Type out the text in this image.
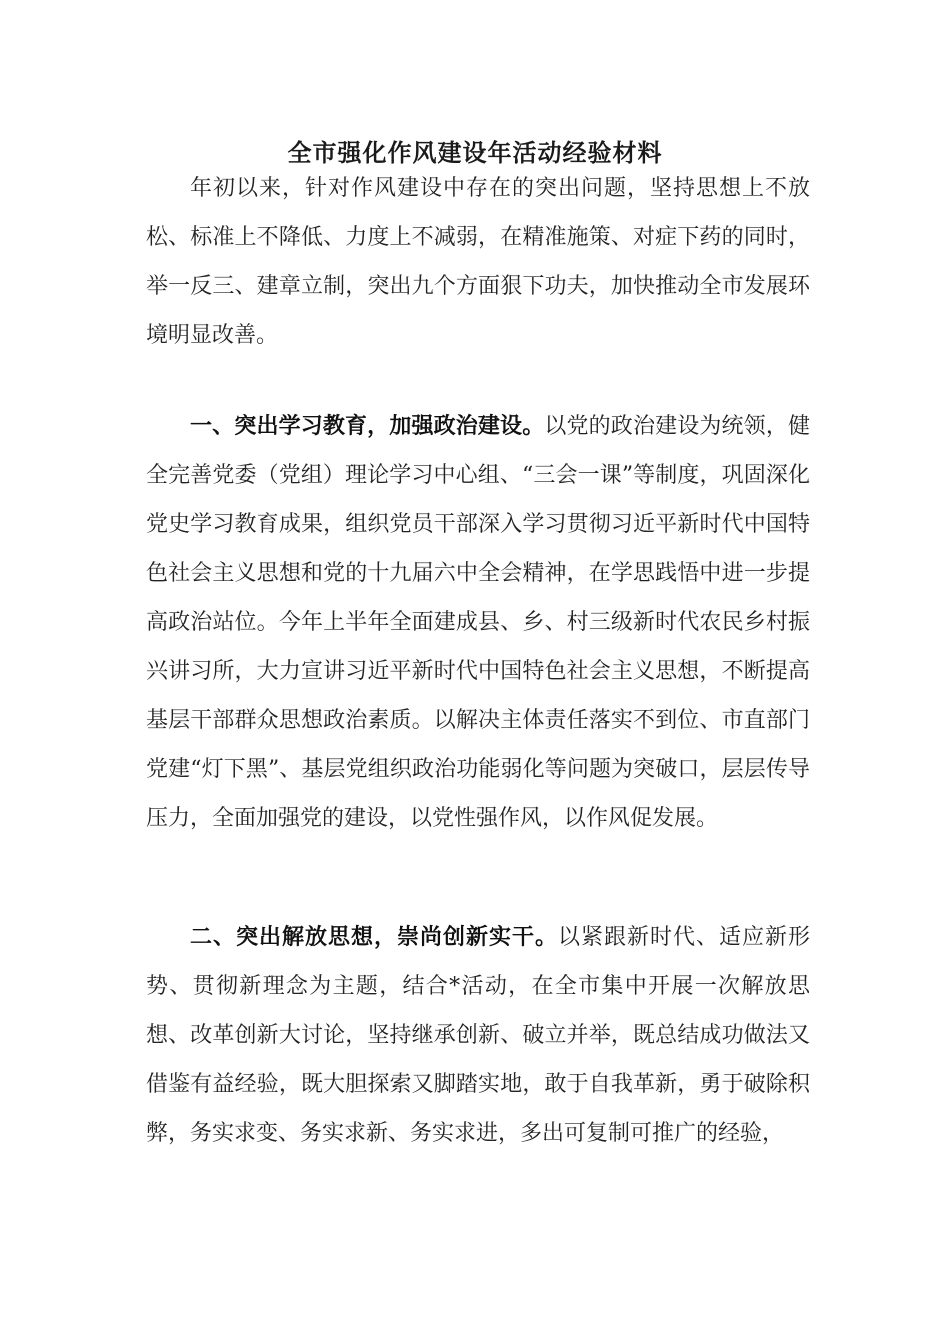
全市强化作风建设年活动经验材料

年初以来，针对作风建设中存在的突出问题，坚持思想上不放松、标准上不降低、力度上不减弱，在精准施策、对症下药的同时，举一反三、建章立制，突出九个方面狠下功夫，加快推动全市发展环境明显改善。

一、突出学习教育，加强政治建设。以党的政治建设为统领，健全完善党委（党组）理论学习中心组、“三会一课”等制度，巩固深化党史学习教育成果，组织党员干部深入学习贯彻习近平新时代中国特色社会主义思想和党的十九届六中全会精神，在学思践悟中进一步提高政治站位。今年上半年全面建成县、乡、村三级新时代农民乡村振兴讲习所，大力宣讲习近平新时代中国特色社会主义思想，不断提高基层干部群众思想政治素质。以解决主体责任落实不到位、市直部门党建“灯下黑”、基层党组织政治功能弱化等问题为突破口，层层传导压力，全面加强党的建设，以党性强作风，以作风促发展。

二、突出解放思想，崇尚创新实干。以紧跟新时代、适应新形势、贯彻新理念为主题，结合*活动，在全市集中开展一次解放思想、改革创新大讨论，坚持继承创新、破立并举，既总结成功做法又借鉴有益经验，既大胆探索又脚踏实地，敢于自我革新，勇于破除积弊，务实求变、务实求新、务实求进，多出可复制可推广的经验，
